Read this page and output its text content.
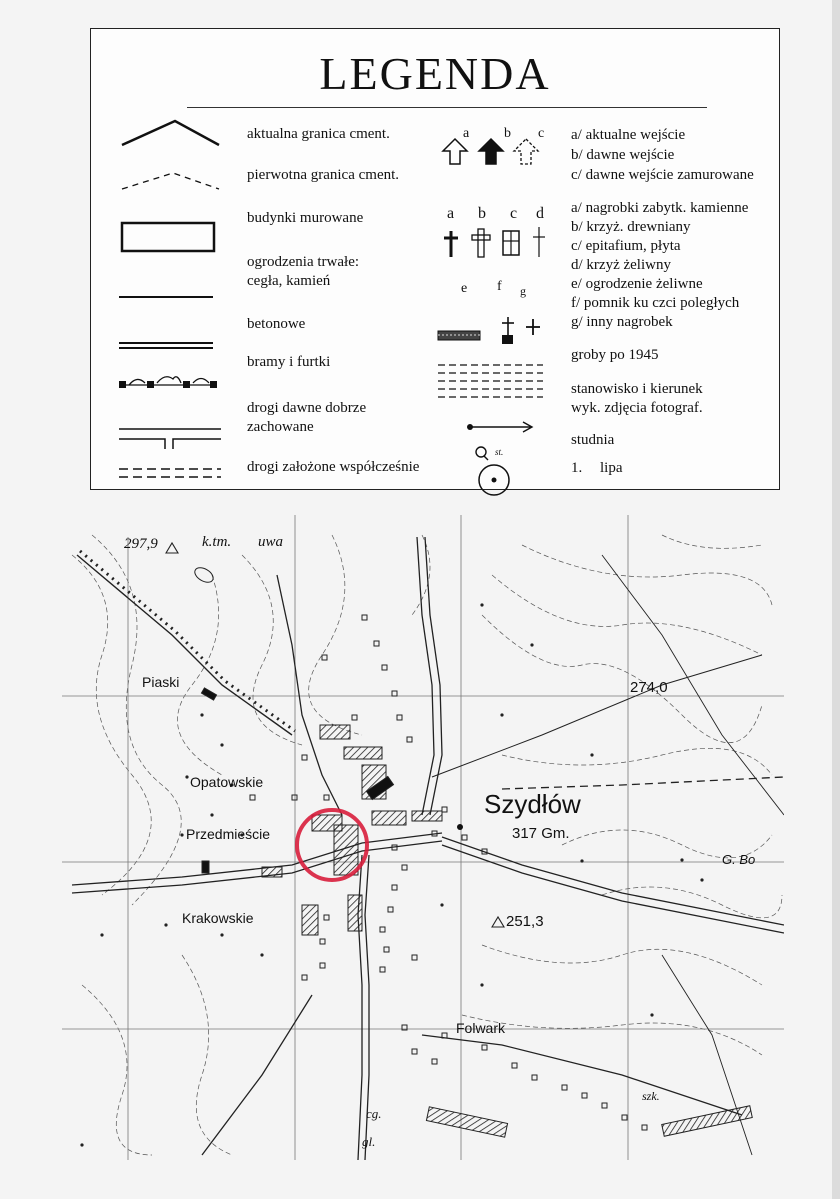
LEGENDA
aktualna granica cment.
pierwotna granica cment.
budynki murowane
ogrodzenia trwałe:
cegła, kamień
betonowe
bramy i furtki
drogi dawne dobrze
zachowane
drogi założone współcześnie
a b c
a b c d
e f g
st.
a/ aktualne wejście
b/ dawne wejście
c/ dawne wejście zamurowane
a/ nagrobki zabytk. kamienne
b/ krzyż. drewniany
c/ epitafium, płyta
d/ krzyż żeliwny
e/ ogrodzenie żeliwne
f/ pomnik ku czci poległych
g/ inny nagrobek
groby po 1945
stanowisko i kierunek
wyk. zdjęcia fotograf.
studnia
1. lipa
297,9	k.tm. uwa
Piaski	274,0
Opatowskie
Szydłów
317 Gm.
Przedmieście
G. Bo
Krakowskie	251,3
Folwark
szk.
cg.
gl.
